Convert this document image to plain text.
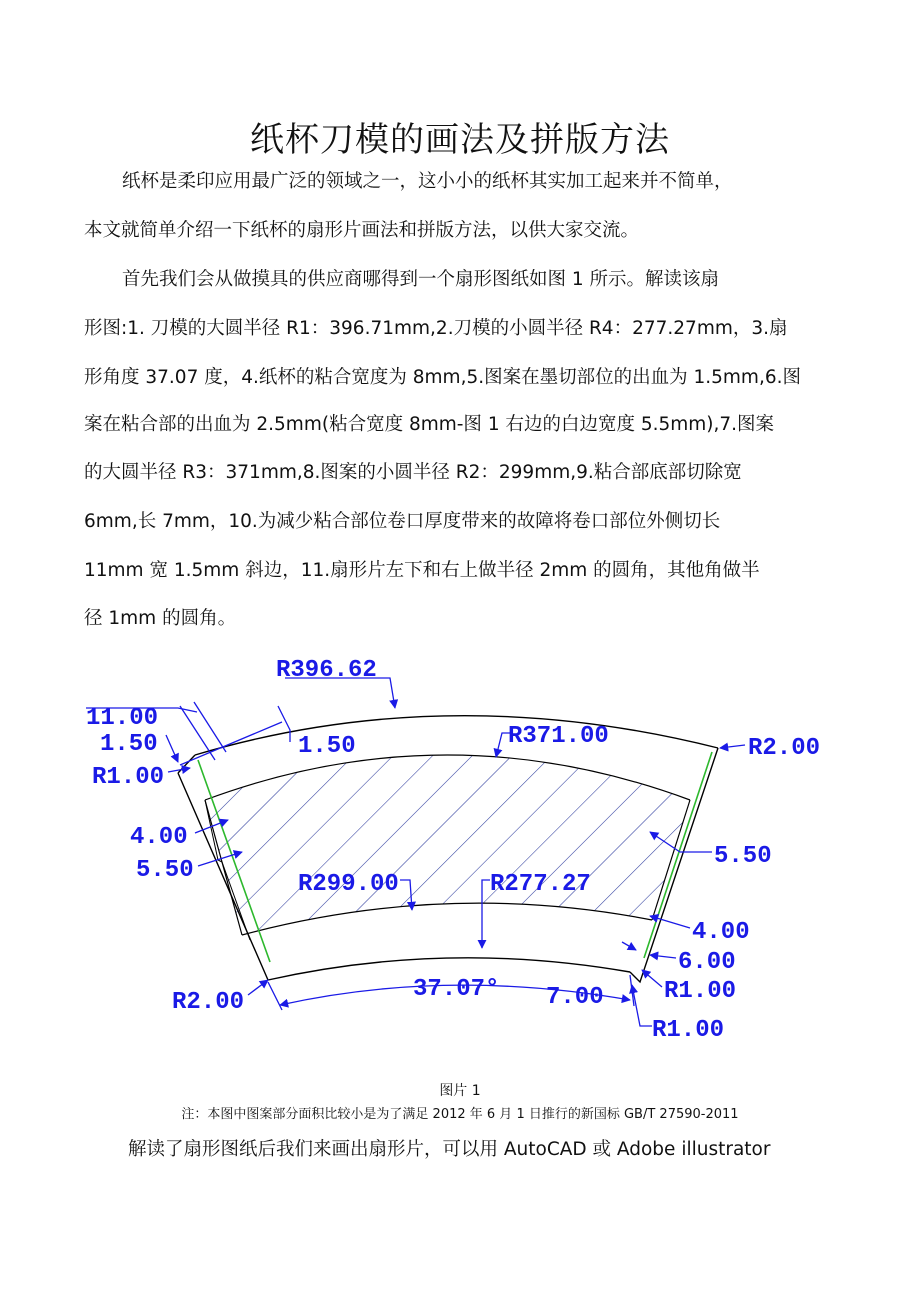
纸杯刀模的画法及拼版方法
纸杯是柔印应用最广泛的领域之一，这小小的纸杯其实加工起来并不简单，
本文就简单介绍一下纸杯的扇形片画法和拼版方法，以供大家交流。
首先我们会从做摸具的供应商哪得到一个扇形图纸如图 1 所示。解读该扇
形图:1. 刀模的大圆半径 R1：396.71mm,2.刀模的小圆半径 R4：277.27mm，3.扇
形角度 37.07 度，4.纸杯的粘合宽度为 8mm,5.图案在墨切部位的出血为 1.5mm,6.图
案在粘合部的出血为 2.5mm(粘合宽度 8mm-图 1 右边的白边宽度 5.5mm),7.图案
的大圆半径 R3：371mm,8.图案的小圆半径 R2：299mm,9.粘合部底部切除宽
6mm,长 7mm，10.为减少粘合部位卷口厚度带来的故障将卷口部位外侧切长
11mm 宽 1.5mm 斜边，11.扇形片左下和右上做半径 2mm 的圆角，其他角做半
径 1mm 的圆角。
R396.62
11.00
1.50
R1.00
1.50	R371.00	R2.00
4.00
5.50
5.50
R299.00	R277.27
4.00
6.00
R1.00
R2.00	37.07° 7.00
R1.00
图片 1
注：本图中图案部分面积比较小是为了满足 2012 年 6 月 1 日推行的新国标 GB/T 27590-2011
解读了扇形图纸后我们来画出扇形片，可以用 AutoCAD 或 Adobe illustrator
